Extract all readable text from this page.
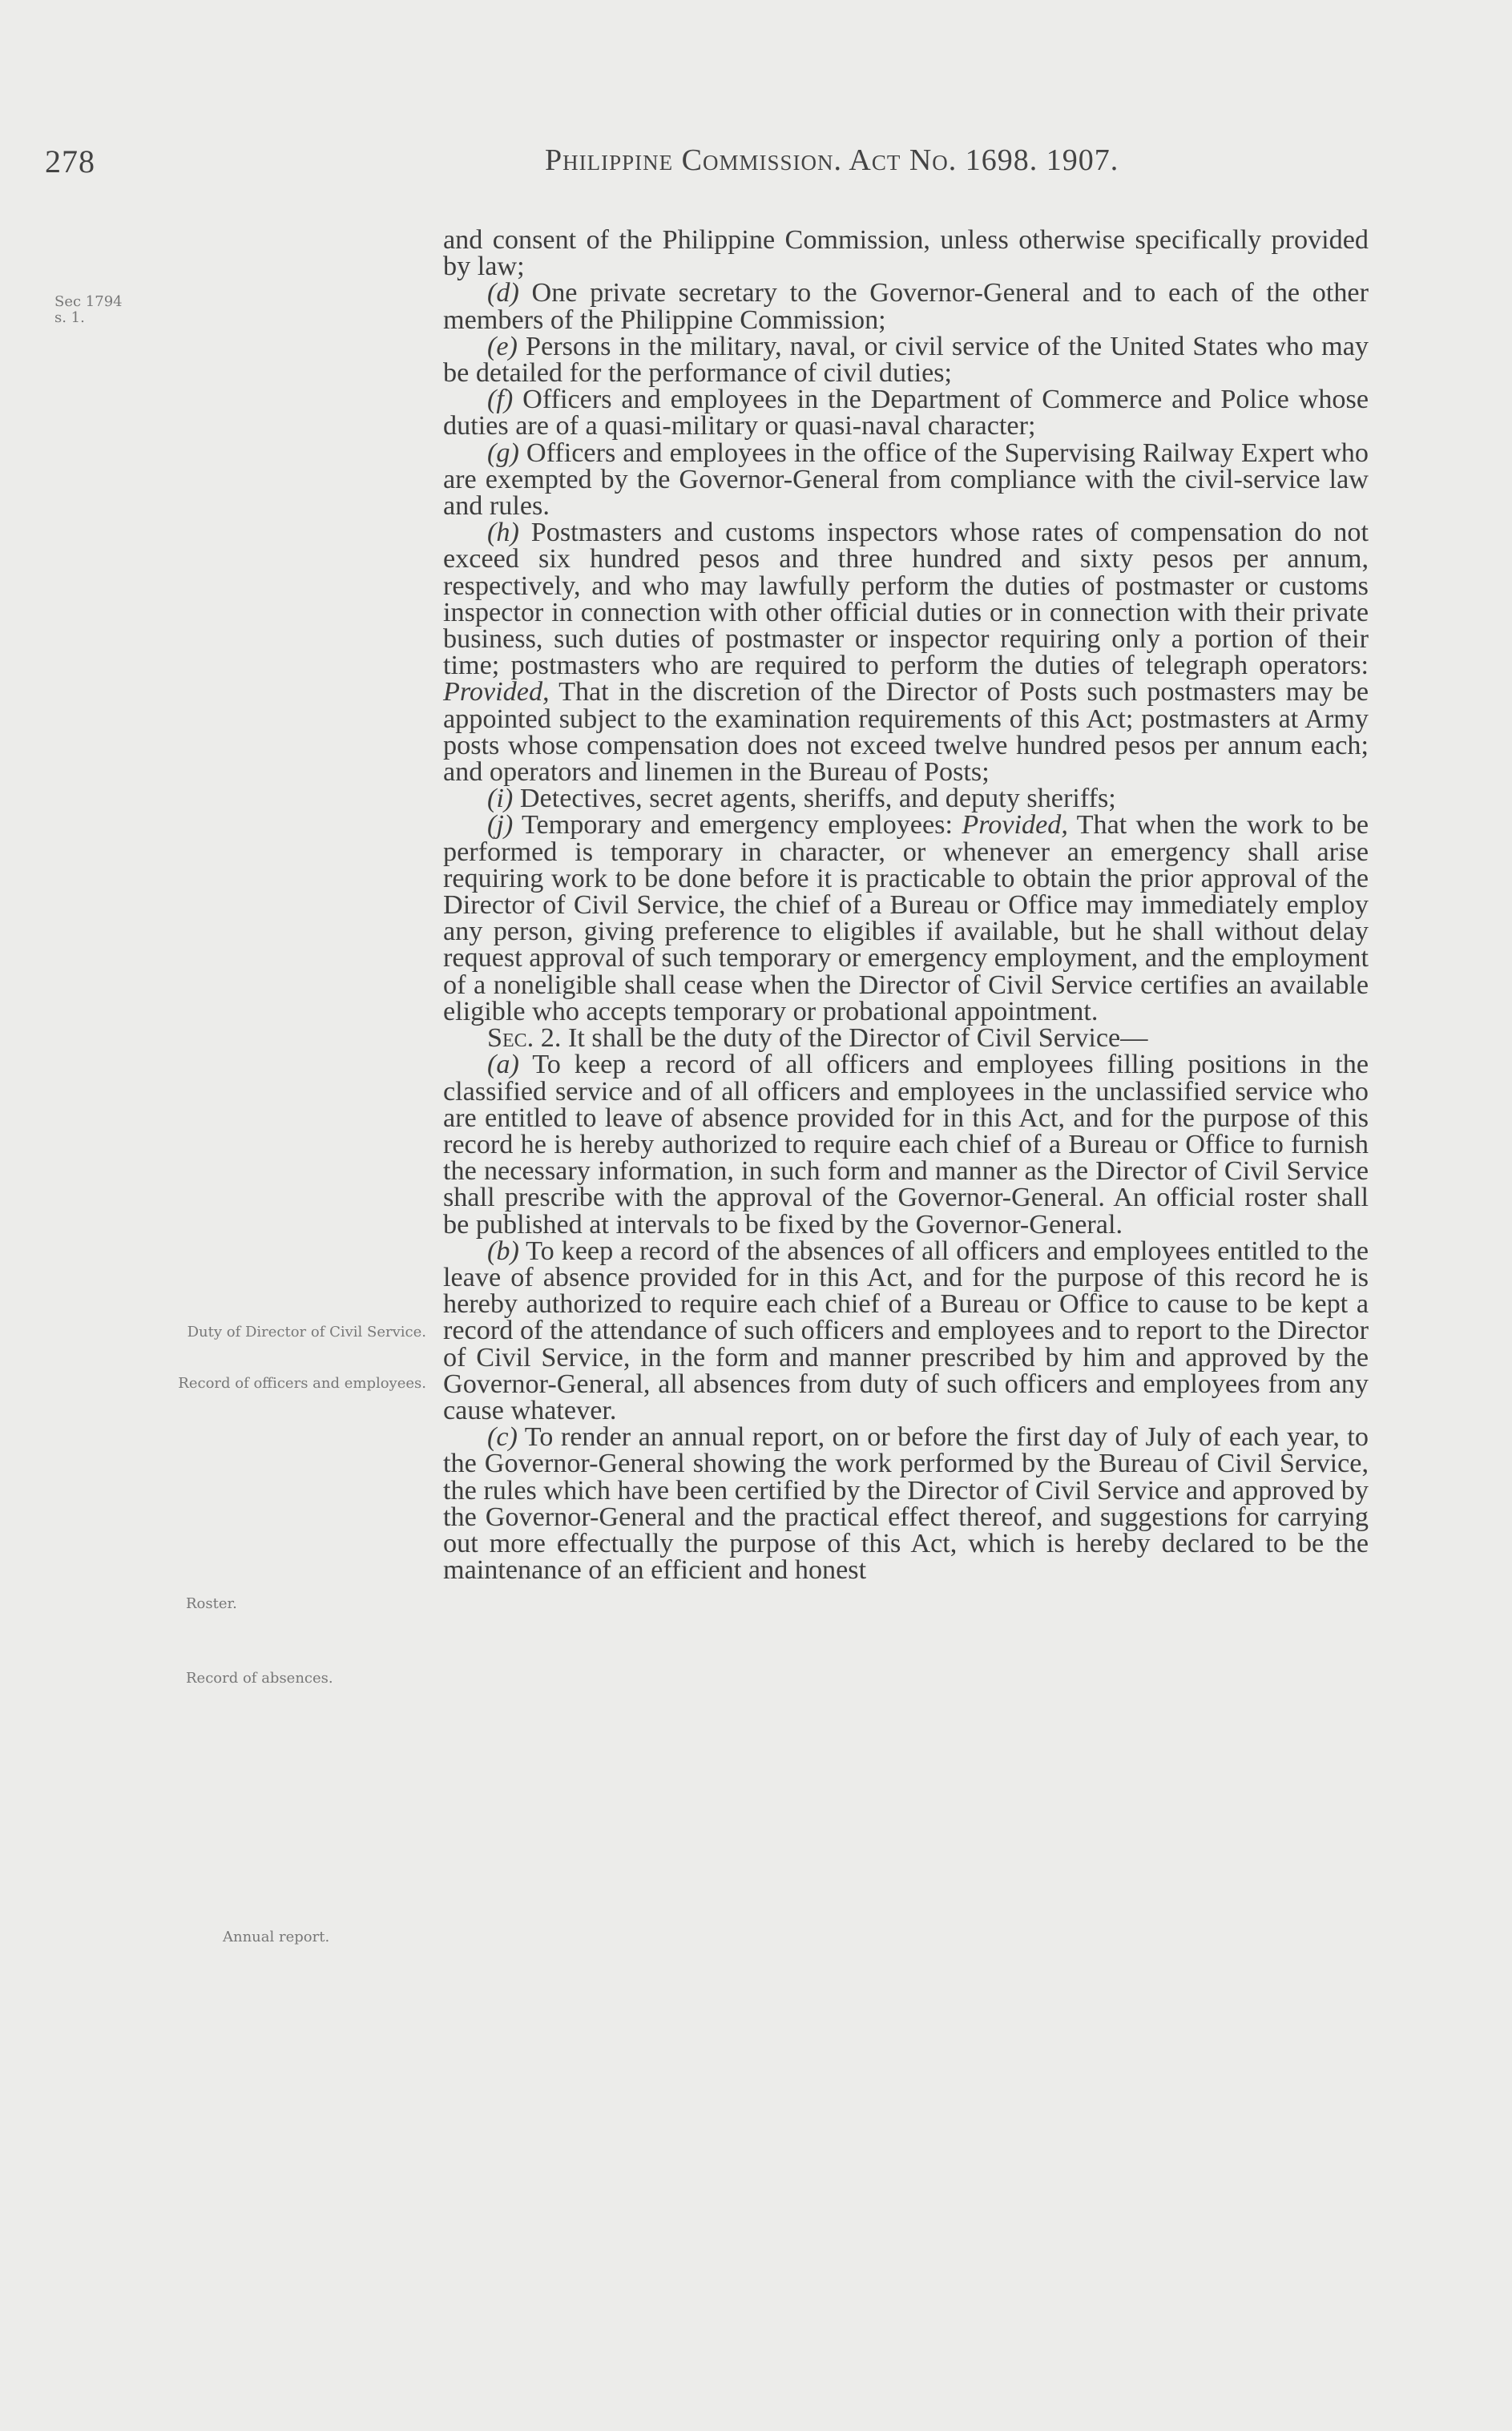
278	Philippine Commission. Act No. 1698. 1907.
Sec 1794
s. 1.
Duty of Director of Civil Service.
Record of officers and employees.
Roster.
Record of absences.
Annual report.

and consent of the Philippine Commission, unless otherwise specifically provided by law;

(d) One private secretary to the Governor-General and to each of the other members of the Philippine Commission;

(e) Persons in the military, naval, or civil service of the United States who may be detailed for the performance of civil duties;

(f) Officers and employees in the Department of Commerce and Police whose duties are of a quasi-military or quasi-naval character;

(g) Officers and employees in the office of the Supervising Railway Expert who are exempted by the Governor-General from compliance with the civil-service law and rules.

(h) Postmasters and customs inspectors whose rates of compensation do not exceed six hundred pesos and three hundred and sixty pesos per annum, respectively, and who may lawfully perform the duties of postmaster or customs inspector in connection with other official duties or in connection with their private business, such duties of postmaster or inspector requiring only a portion of their time; postmasters who are required to perform the duties of telegraph operators: Provided, That in the discretion of the Director of Posts such postmasters may be appointed subject to the examination requirements of this Act; postmasters at Army posts whose compensation does not exceed twelve hundred pesos per annum each; and operators and linemen in the Bureau of Posts;

(i) Detectives, secret agents, sheriffs, and deputy sheriffs;

(j) Temporary and emergency employees: Provided, That when the work to be performed is temporary in character, or whenever an emergency shall arise requiring work to be done before it is practicable to obtain the prior approval of the Director of Civil Service, the chief of a Bureau or Office may immediately employ any person, giving preference to eligibles if available, but he shall without delay request approval of such temporary or emergency employment, and the employment of a noneligible shall cease when the Director of Civil Service certifies an available eligible who accepts temporary or probational appointment.

Sec. 2. It shall be the duty of the Director of Civil Service—

(a) To keep a record of all officers and employees filling positions in the classified service and of all officers and employees in the unclassified service who are entitled to leave of absence provided for in this Act, and for the purpose of this record he is hereby authorized to require each chief of a Bureau or Office to furnish the necessary information, in such form and manner as the Director of Civil Service shall prescribe with the approval of the Governor-General. An official roster shall be published at intervals to be fixed by the Governor-General.

(b) To keep a record of the absences of all officers and employees entitled to the leave of absence provided for in this Act, and for the purpose of this record he is hereby authorized to require each chief of a Bureau or Office to cause to be kept a record of the attendance of such officers and employees and to report to the Director of Civil Service, in the form and manner prescribed by him and approved by the Governor-General, all absences from duty of such officers and employees from any cause whatever.

(c) To render an annual report, on or before the first day of July of each year, to the Governor-General showing the work performed by the Bureau of Civil Service, the rules which have been certified by the Director of Civil Service and approved by the Governor-General and the practical effect thereof, and suggestions for carrying out more effectually the purpose of this Act, which is hereby declared to be the maintenance of an efficient and honest
